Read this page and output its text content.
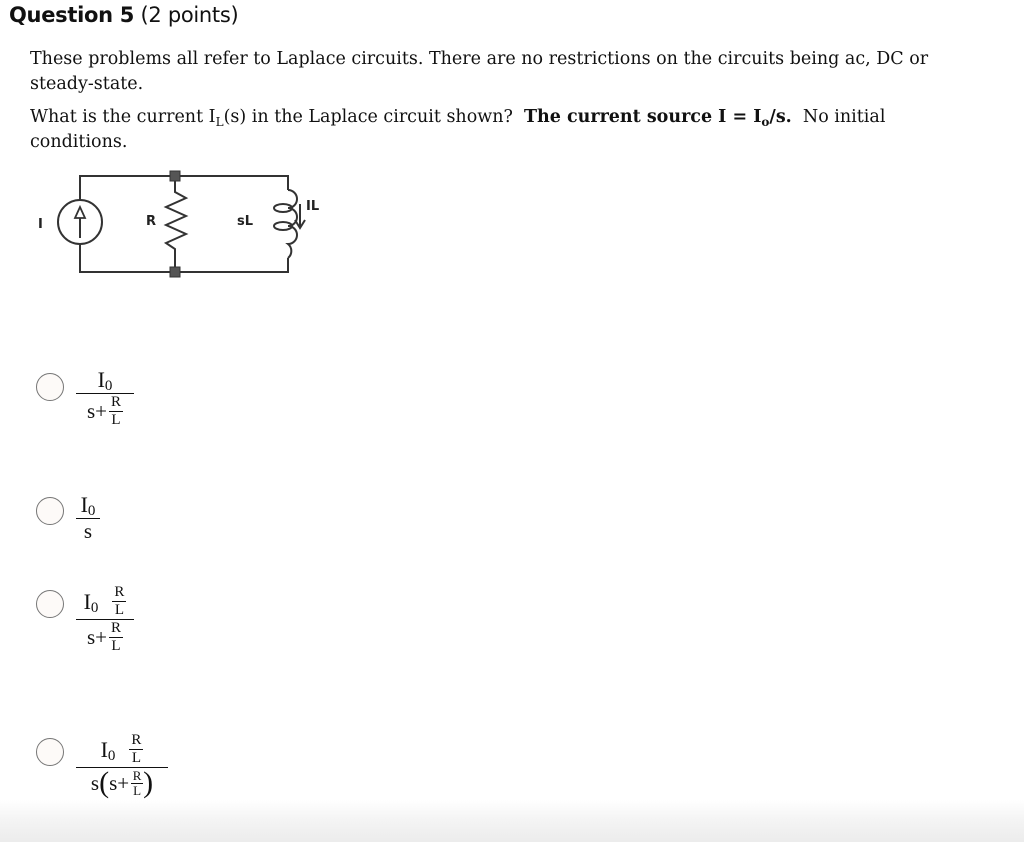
Question 5 (2 points)
These problems all refer to Laplace circuits. There are no restrictions on the circuits being ac, DC or steady-state.
What is the current $I_L(s)$ in the Laplace circuit shown?  The current source $I = I_o/s$.  No initial conditions.
I	R	sL
IL
$\frac{I_0}{s+ \frac{R}{L}}$
$\frac{I_0}{s}$
$\frac{I_0 \frac{R}{L}}{s+ \frac{R}{L}}$
$I_0 \frac{R}{L}$
s ( $s+ \frac{R}{L}$ )
